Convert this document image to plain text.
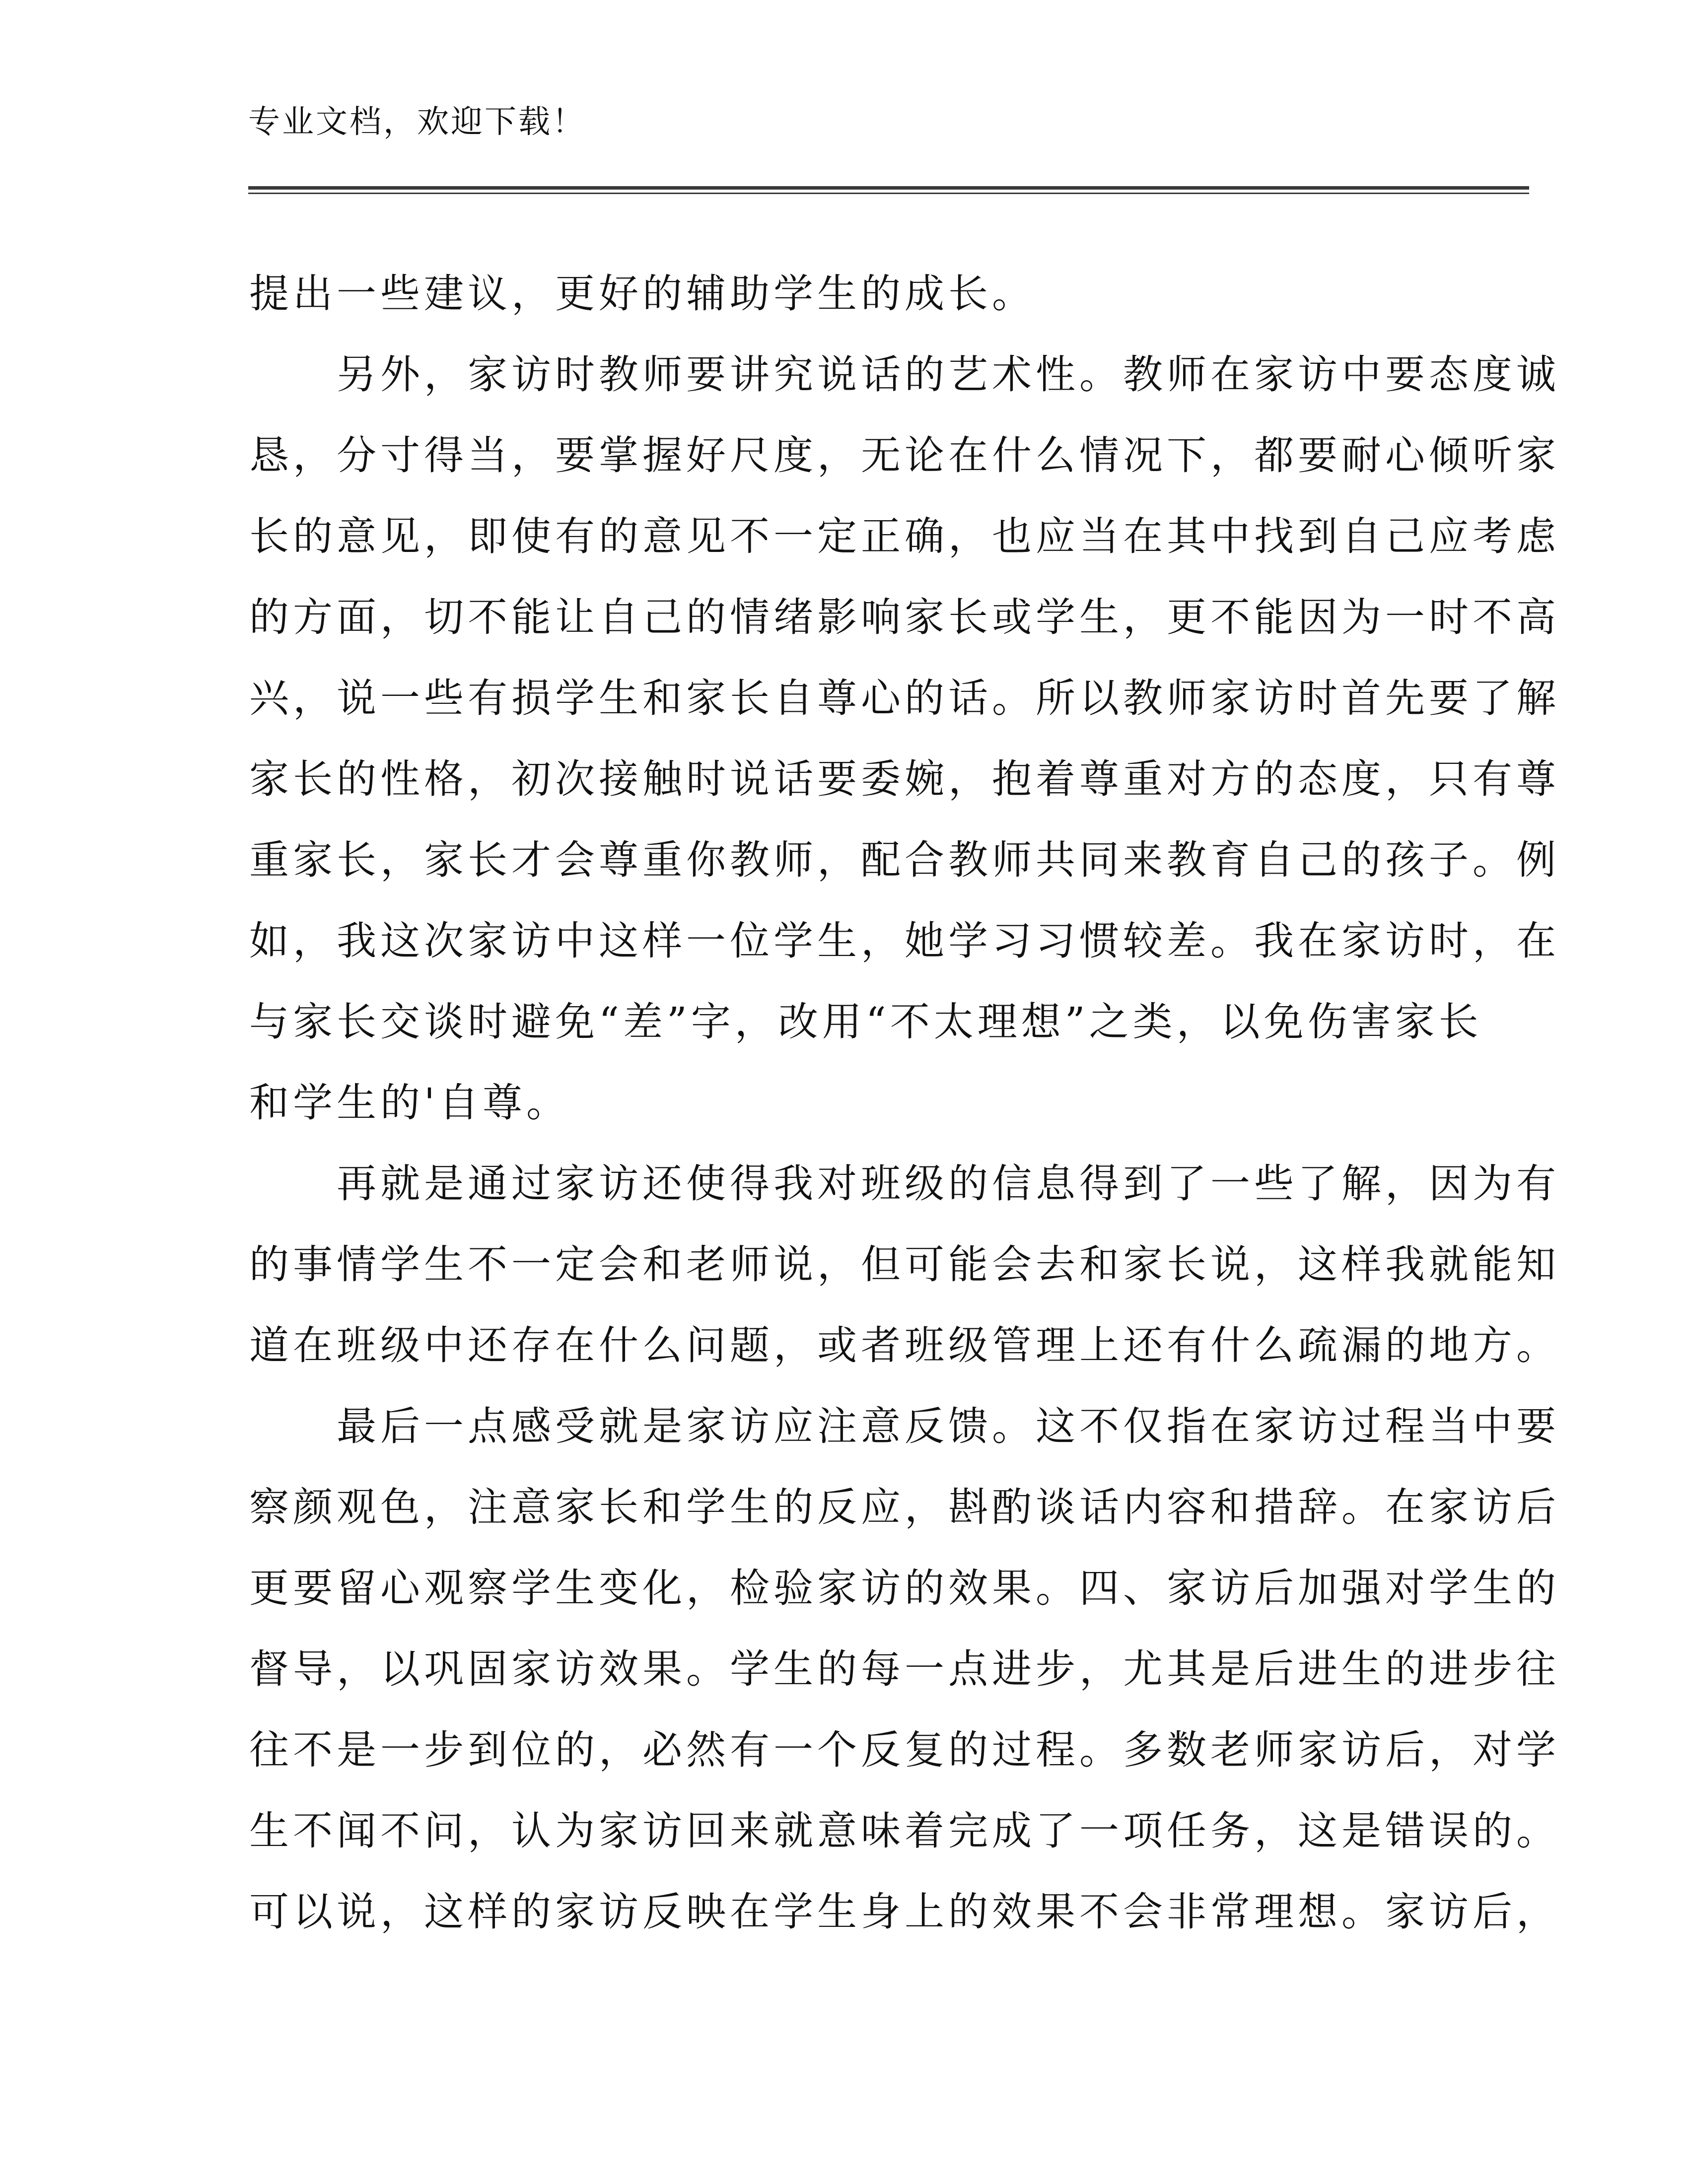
专业文档，欢迎下载！
提出一些建议，更好的辅助学生的成长。
　　另外，家访时教师要讲究说话的艺术性。教师在家访中要态度诚
恳，分寸得当，要掌握好尺度，无论在什么情况下，都要耐心倾听家
长的意见，即使有的意见不一定正确，也应当在其中找到自己应考虑
的方面，切不能让自己的情绪影响家长或学生，更不能因为一时不高
兴，说一些有损学生和家长自尊心的话。所以教师家访时首先要了解
家长的性格，初次接触时说话要委婉，抱着尊重对方的态度，只有尊
重家长，家长才会尊重你教师，配合教师共同来教育自己的孩子。例
如，我这次家访中这样一位学生，她学习习惯较差。我在家访时，在
与家长交谈时避免“差”字，改用“不太理想”之类，以免伤害家长
和学生的'自尊。
　　再就是通过家访还使得我对班级的信息得到了一些了解，因为有
的事情学生不一定会和老师说，但可能会去和家长说，这样我就能知
道在班级中还存在什么问题，或者班级管理上还有什么疏漏的地方。
　　最后一点感受就是家访应注意反馈。这不仅指在家访过程当中要
察颜观色，注意家长和学生的反应，斟酌谈话内容和措辞。在家访后
更要留心观察学生变化，检验家访的效果。四、家访后加强对学生的
督导，以巩固家访效果。学生的每一点进步，尤其是后进生的进步往
往不是一步到位的，必然有一个反复的过程。多数老师家访后，对学
生不闻不问，认为家访回来就意味着完成了一项任务，这是错误的。
可以说，这样的家访反映在学生身上的效果不会非常理想。家访后，
